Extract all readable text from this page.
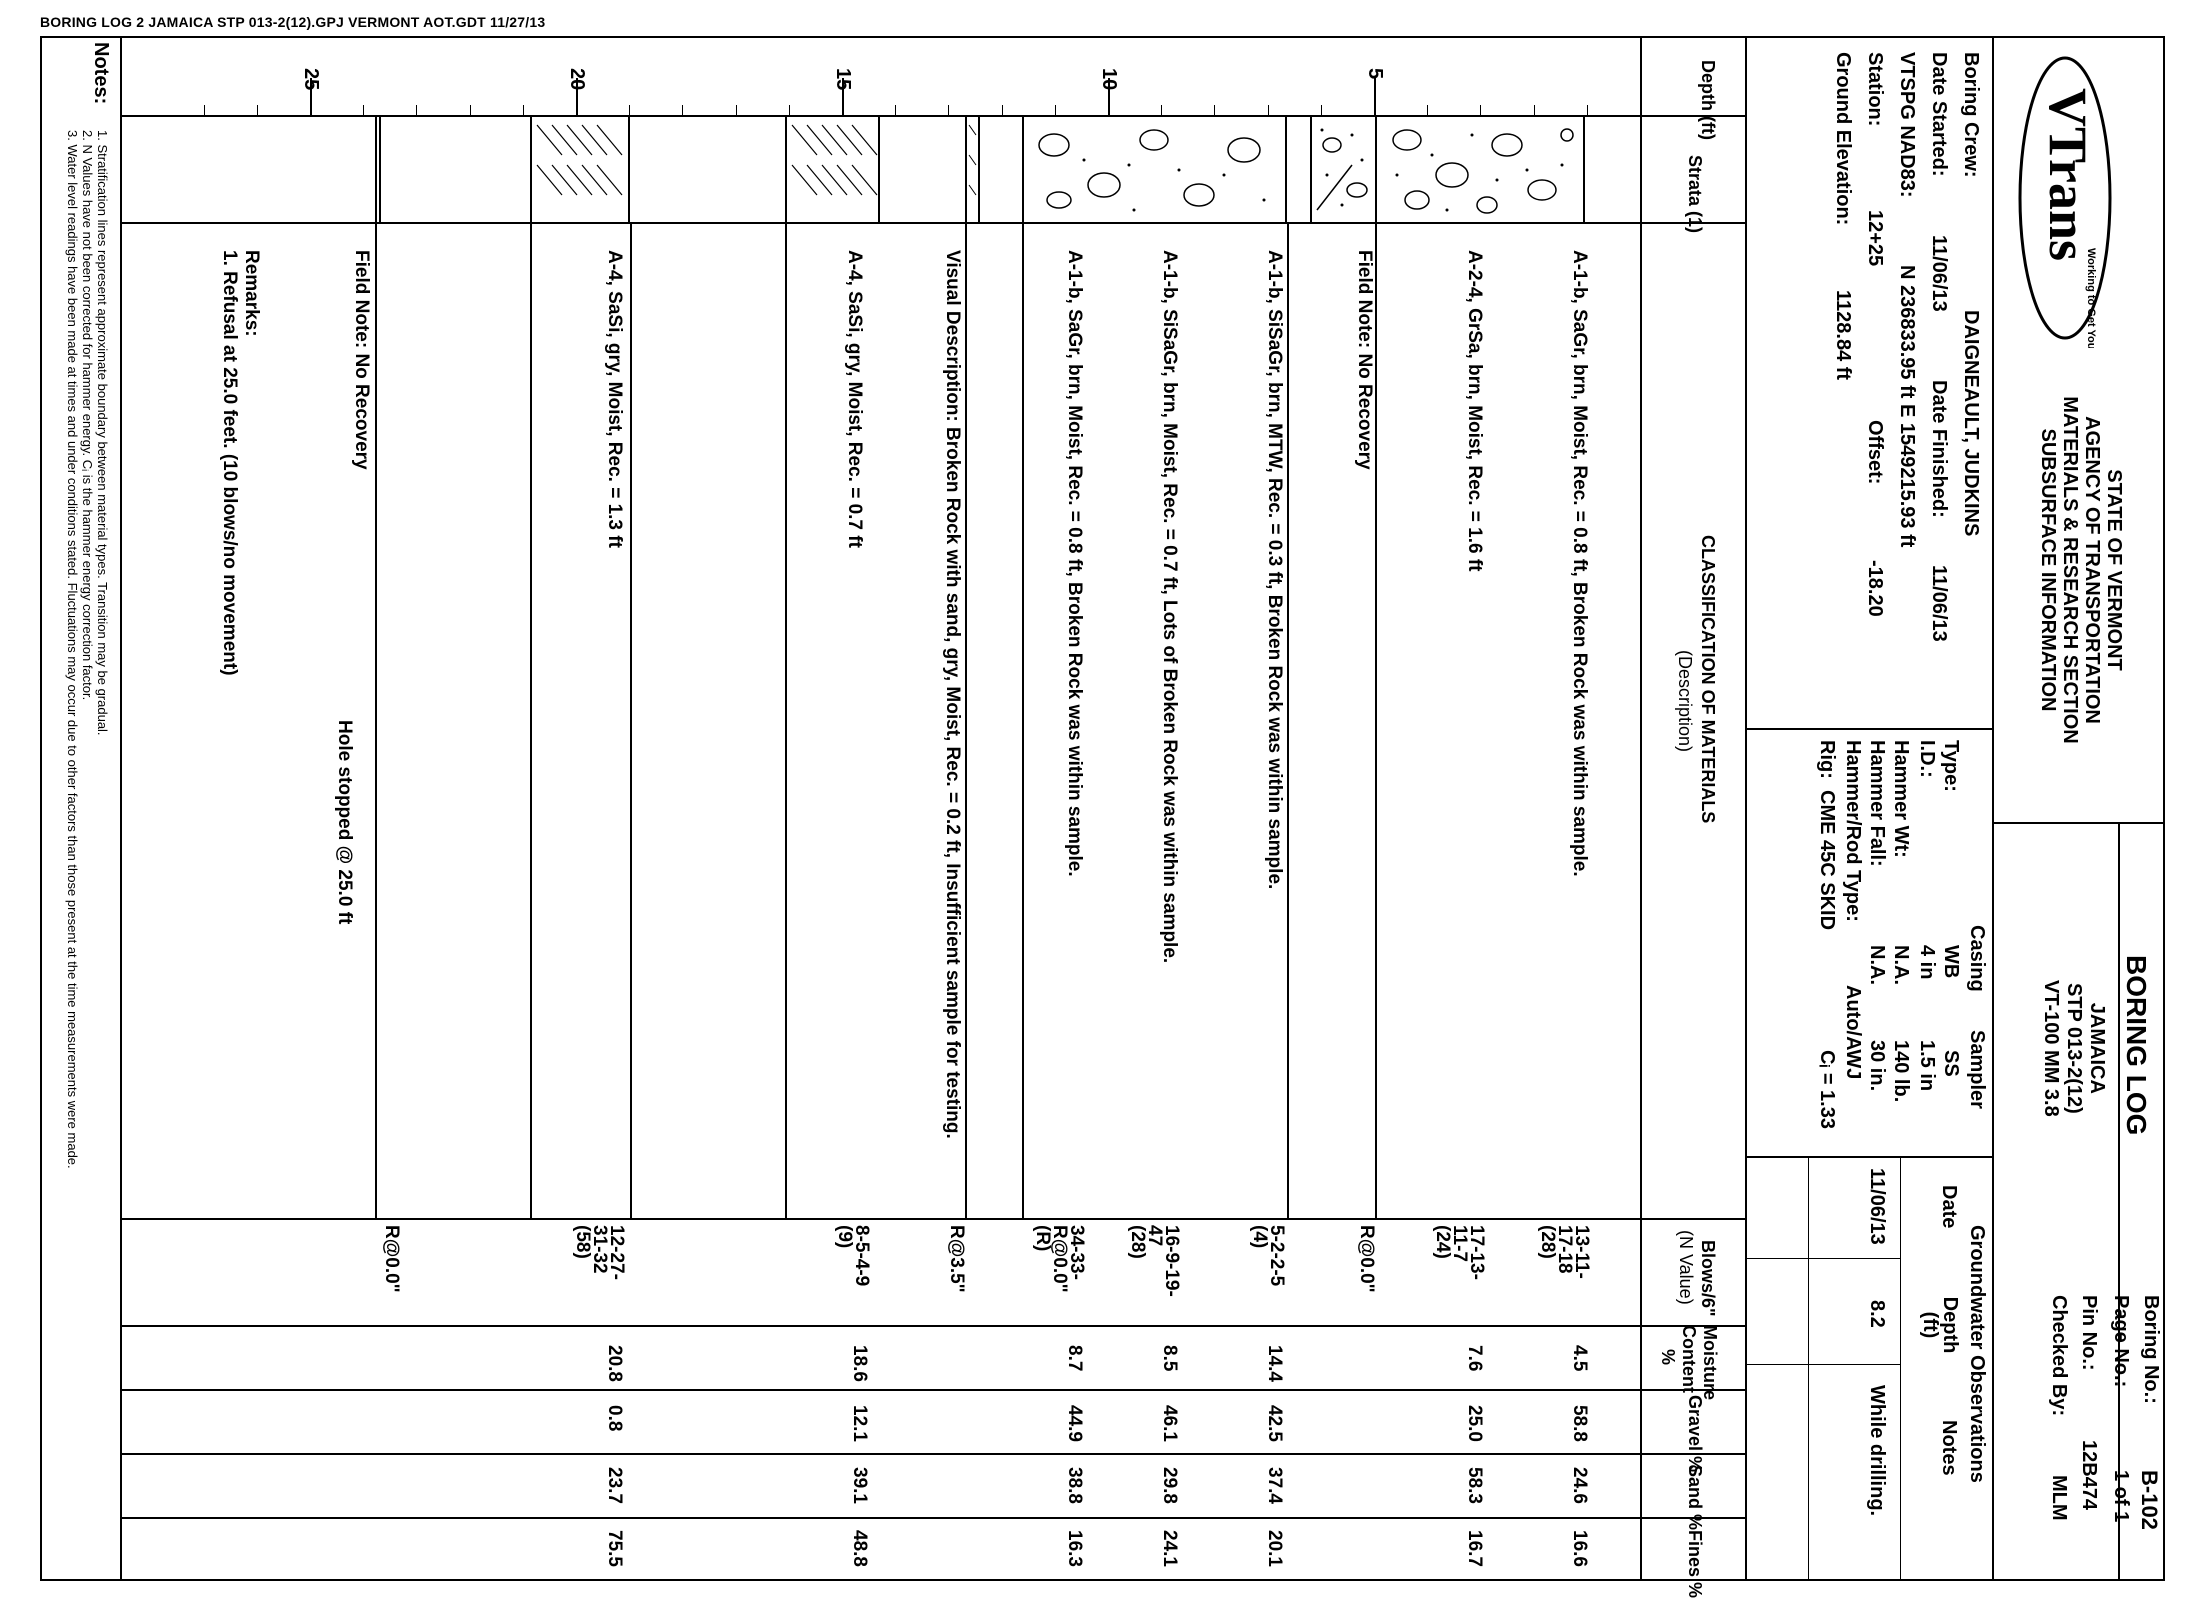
BORING LOG 2 JAMAICA STP 013-2(12).GPJ VERMONT AOT.GDT 11/27/13
VTrans
Working to Get You There
STATE OF VERMONT
AGENCY OF TRANSPORTATION
MATERIALS & RESEARCH SECTION
SUBSURFACE INFORMATION
BORING LOG
JAMAICA
STP 013-2(12)
VT-100 MM 3.8
Boring No.:
B-102
Page No.:
1 of 1
Pin No.:
12B474
Checked By:
MLM
Boring Crew:
DAIGNEAULT, JUDKINS
Date Started:
11/06/13
Date Finished:
11/06/13
VTSPG NAD83:
N 236833.95 ft E 1549215.93 ft
Station:
12+25
Offset:
-18.20
Ground Elevation:
1128.84 ft
Casing
Sampler
Type:
WB
SS
I.D.:
4 in
1.5 in
Hammer Wt:
N.A.
140 lb.
Hammer Fall:
N.A.
30 in.
Hammer/Rod Type:
Auto/AWJ
Rig:
CME 45C SKID
Cᵢ = 1.33
Groundwater Observations
Date
Depth (ft)
Notes
11/06/13
8.2
While drilling.
Depth (ft)
Strata (1)
CLASSIFICATION OF MATERIALS
(Description)
Blows/6"
(N Value)
Moisture Content %
Gravel %
Sand %
Fines %
5
10
15
20
25
A-1-b, SaGr, brn, Moist, Rec. = 0.8 ft, Broken Rock was within sample.
A-2-4, GrSa, brn, Moist, Rec. = 1.6 ft
Field Note: No Recovery
A-1-b, SiSaGr, brn, MTW, Rec. = 0.3 ft, Broken Rock was within sample.
A-1-b, SiSaGr, brn, Moist, Rec. = 0.7 ft, Lots of Broken Rock was within sample.
A-1-b, SaGr, brn, Moist, Rec. = 0.8 ft, Broken Rock was within sample.
Visual Description: Broken Rock with sand, gry, Moist, Rec. = 0.2 ft, Insufficient sample for testing.
A-4, SaSi, gry, Moist, Rec. = 0.7 ft
A-4, SaSi, gry, Moist, Rec. = 1.3 ft
Field Note: No Recovery
Hole stopped @ 25.0 ft
Remarks:
1. Refusal at 25.0 feet. (10 blows/no movement)
13-11-
17-18
(28)
4.5
58.8
24.6
16.6
17-13-
11-7
(24)
7.6
25.0
58.3
16.7
R@0.0"
5-2-2-5
(4)
14.4
42.5
37.4
20.1
16-9-19-
47
(28)
8.5
46.1
29.8
24.1
34-33-
R@0.0"
(R)
8.7
44.9
38.8
16.3
R@3.5"
8-5-4-9
(9)
18.6
12.1
39.1
48.8
12-27-
31-32
(58)
20.8
0.8
23.7
75.5
R@0.0"
Notes:
1. Stratification lines represent approximate boundary between material types. Transition may be gradual.
2. N Values have not been corrected for hammer energy. Cᵢ is the hammer energy correction factor.
3. Water level readings have been made at times and under conditions stated. Fluctuations may occur due to other factors than those present at the time measurements were made.
